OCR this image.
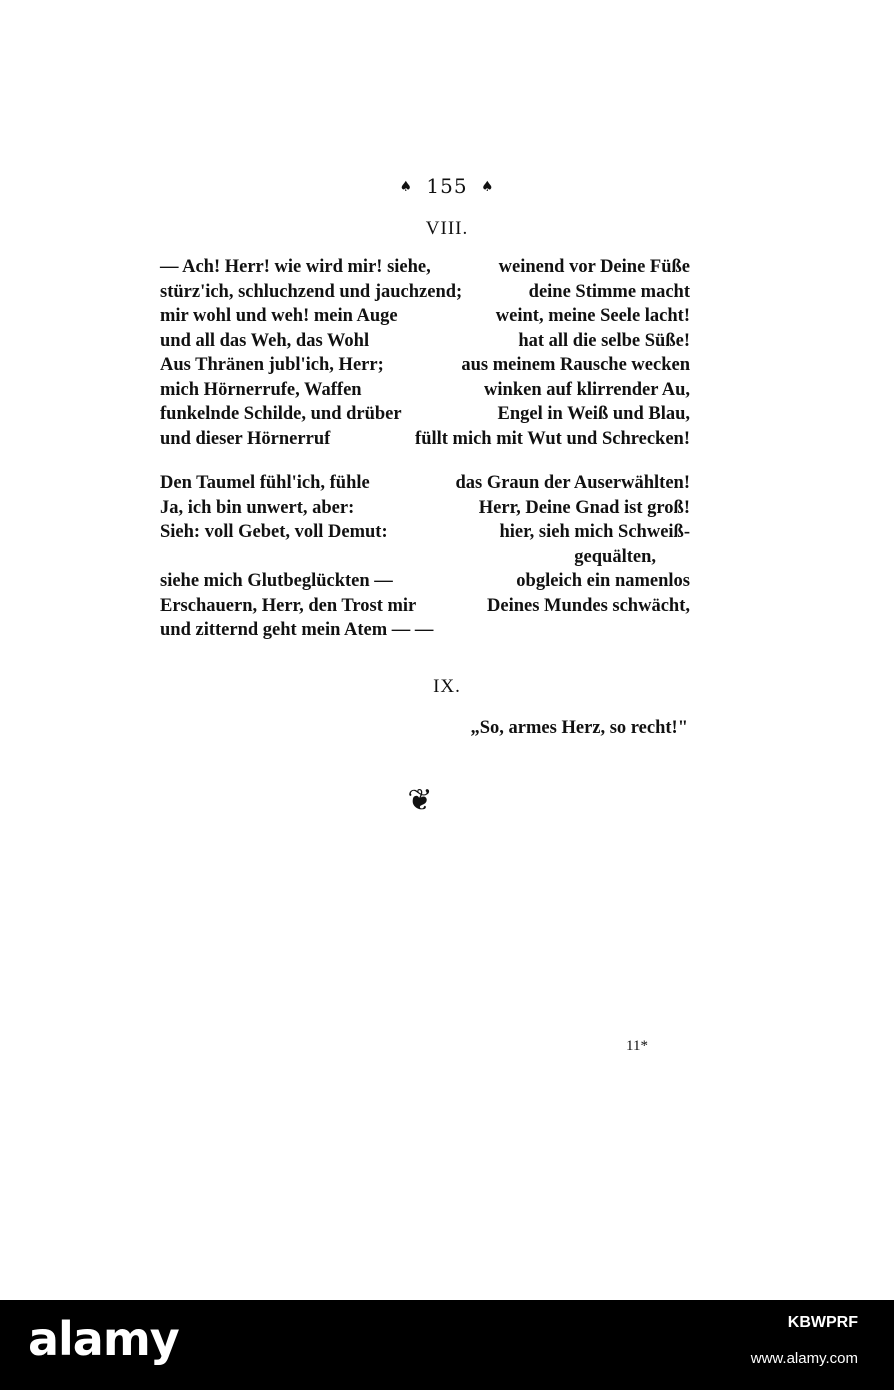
♠ 155 ♠
VIII.
— Ach! Herr! wie wird mir! siehe,	weinend vor Deine Füße
stürz'ich, schluchzend und jauchzend;	deine Stimme macht
mir wohl und weh! mein Auge	weint, meine Seele lacht!
und all das Weh, das Wohl	hat all die selbe Süße!
Aus Thränen jubl'ich, Herr;	aus meinem Rausche wecken
mich Hörnerrufe, Waffen	winken auf klirrender Au,
funkelnde Schilde, und drüber	Engel in Weiß und Blau,
und dieser Hörnerruf	füllt mich mit Wut und Schrecken!
Den Taumel fühl'ich, fühle	das Graun der Auserwählten!
Ja, ich bin unwert, aber:	Herr, Deine Gnad ist groß!
Sieh: voll Gebet, voll Demut:	hier, sieh mich Schweiß-
gequälten,
siehe mich Glutbeglückten —	obgleich ein namenlos
Erschauern, Herr, den Trost mir	Deines Mundes schwächt,
und zitternd geht mein Atem — —
IX.
„So, armes Herz, so recht!"
❦
11*
alamy	KBWPRF
www.alamy.com
